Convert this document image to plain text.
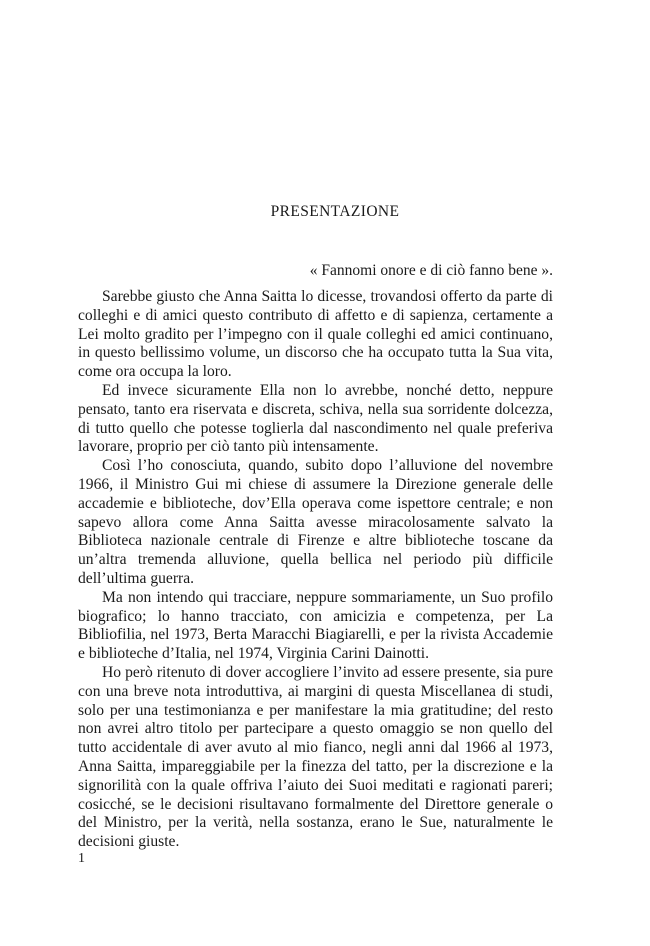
PRESENTAZIONE
« Fannomi onore e di ciò fanno bene ».

Sarebbe giusto che Anna Saitta lo dicesse, trovandosi offerto da parte di colleghi e di amici questo contributo di affetto e di sapienza, certamente a Lei molto gradito per l’impegno con il quale colleghi ed amici continuano, in questo bellissimo volume, un discorso che ha occupato tutta la Sua vita, come ora occupa la loro.

Ed invece sicuramente Ella non lo avrebbe, nonché detto, neppure pensato, tanto era riservata e discreta, schiva, nella sua sorridente dolcezza, di tutto quello che potesse toglierla dal nascondimento nel quale preferiva lavorare, proprio per ciò tanto più intensamente.

Così l’ho conosciuta, quando, subito dopo l’alluvione del novembre 1966, il Ministro Gui mi chiese di assumere la Direzione generale delle accademie e biblioteche, dov’Ella operava come ispettore centrale; e non sapevo allora come Anna Saitta avesse miracolosamente salvato la Biblioteca nazionale centrale di Firenze e altre biblioteche toscane da un’altra tremenda alluvione, quella bellica nel periodo più difficile dell’ultima guerra.

Ma non intendo qui tracciare, neppure sommariamente, un Suo profilo biografico; lo hanno tracciato, con amicizia e competenza, per La Bibliofilia, nel 1973, Berta Maracchi Biagiarelli, e per la rivista Accademie e biblioteche d’Italia, nel 1974, Virginia Carini Dainotti.

Ho però ritenuto di dover accogliere l’invito ad essere presente, sia pure con una breve nota introduttiva, ai margini di questa Miscellanea di studi, solo per una testimonianza e per manifestare la mia gratitudine; del resto non avrei altro titolo per partecipare a questo omaggio se non quello del tutto accidentale di aver avuto al mio fianco, negli anni dal 1966 al 1973, Anna Saitta, impareggiabile per la finezza del tatto, per la discrezione e la signorilità con la quale offriva l’aiuto dei Suoi meditati e ragionati pareri; cosicché, se le decisioni risultavano formalmente del Direttore generale o del Ministro, per la verità, nella sostanza, erano le Sue, naturalmente le decisioni giuste.

1
